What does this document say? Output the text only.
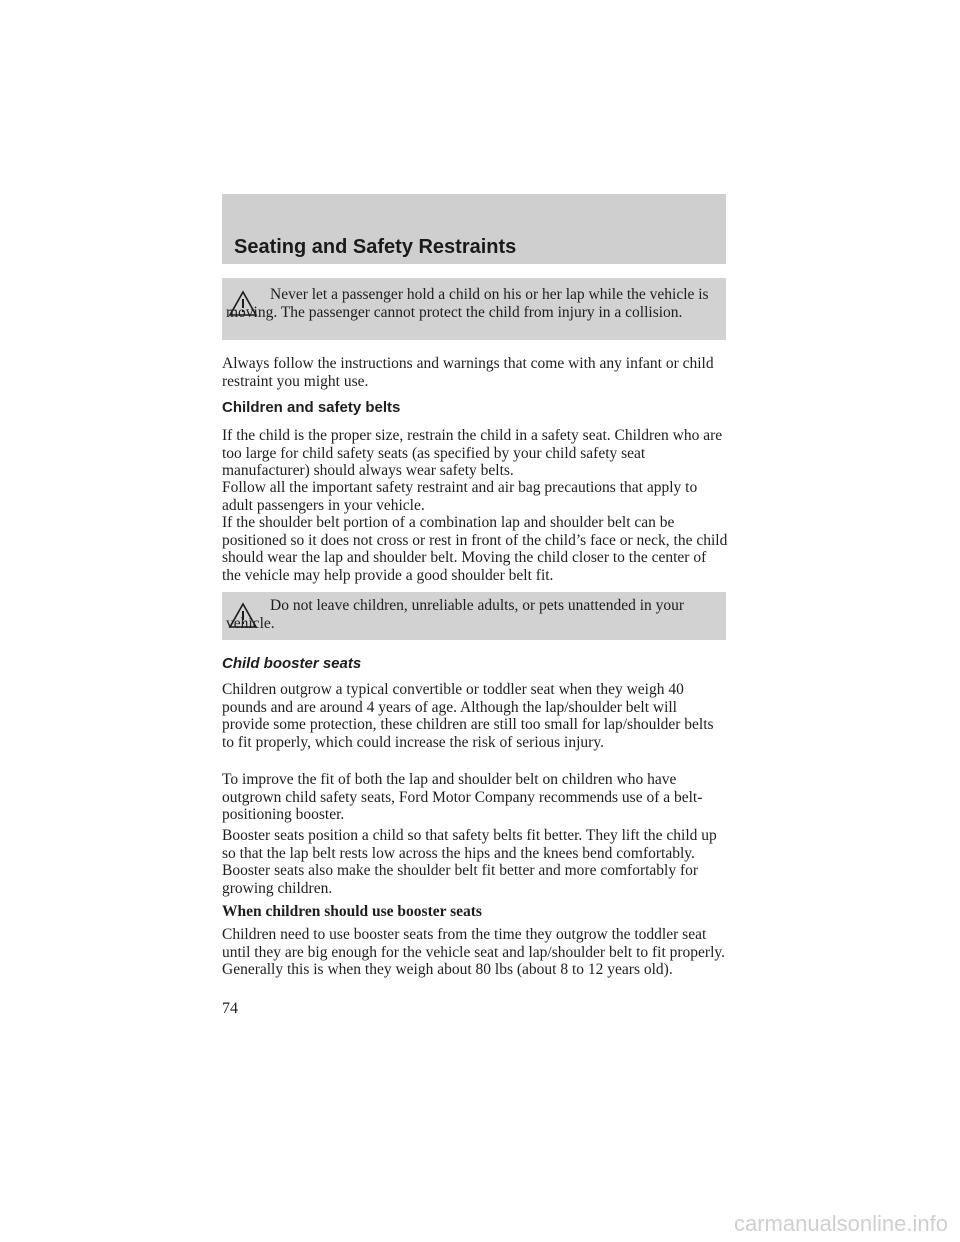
Seating and Safety Restraints

Never let a passenger hold a child on his or her lap while the vehicle is moving. The passenger cannot protect the child from injury in a collision.

Always follow the instructions and warnings that come with any infant or child restraint you might use.

Children and safety belts

If the child is the proper size, restrain the child in a safety seat. Children who are too large for child safety seats (as specified by your child safety seat manufacturer) should always wear safety belts.

Follow all the important safety restraint and air bag precautions that apply to adult passengers in your vehicle.

If the shoulder belt portion of a combination lap and shoulder belt can be positioned so it does not cross or rest in front of the child’s face or neck, the child should wear the lap and shoulder belt. Moving the child closer to the center of the vehicle may help provide a good shoulder belt fit.

Do not leave children, unreliable adults, or pets unattended in your vehicle.

Child booster seats

Children outgrow a typical convertible or toddler seat when they weigh 40 pounds and are around 4 years of age. Although the lap/shoulder belt will provide some protection, these children are still too small for lap/shoulder belts to fit properly, which could increase the risk of serious injury.

To improve the fit of both the lap and shoulder belt on children who have outgrown child safety seats, Ford Motor Company recommends use of a belt-positioning booster.

Booster seats position a child so that safety belts fit better. They lift the child up so that the lap belt rests low across the hips and the knees bend comfortably. Booster seats also make the shoulder belt fit better and more comfortably for growing children.

When children should use booster seats

Children need to use booster seats from the time they outgrow the toddler seat until they are big enough for the vehicle seat and lap/shoulder belt to fit properly. Generally this is when they weigh about 80 lbs (about 8 to 12 years old).

74

carmanualsonline.info
